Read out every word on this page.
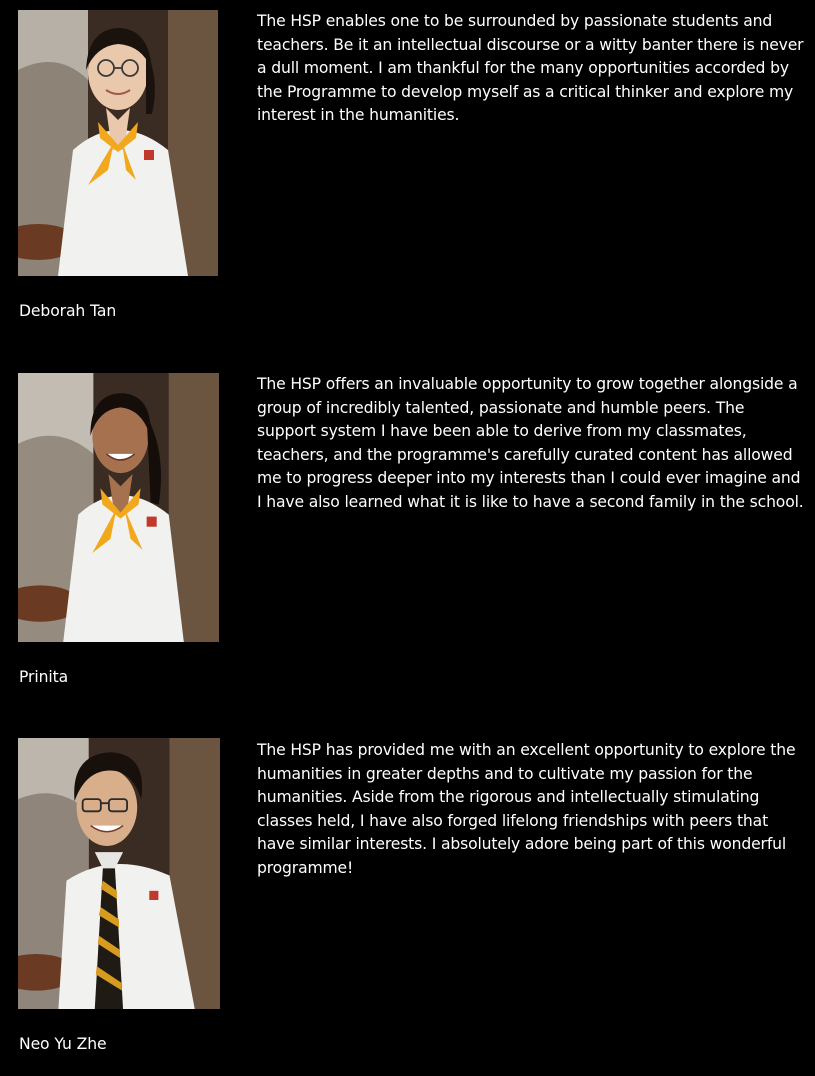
The HSP enables one to be surrounded by passionate students and teachers. Be it an intellectual discourse or a witty banter there is never a dull moment. I am thankful for the many opportunities accorded by the Programme to develop myself as a critical thinker and explore my interest in the humanities.

Deborah Tan

The HSP offers an invaluable opportunity to grow together alongside a group of incredibly talented, passionate and humble peers. The support system I have been able to derive from my classmates, teachers, and the programme's carefully curated content has allowed me to progress deeper into my interests than I could ever imagine and I have also learned what it is like to have a second family in the school.

Prinita

The HSP has provided me with an excellent opportunity to explore the humanities in greater depths and to cultivate my passion for the humanities. Aside from the rigorous and intellectually stimulating classes held, I have also forged lifelong friendships with peers that have similar interests. I absolutely adore being part of this wonderful programme!

Neo Yu Zhe
